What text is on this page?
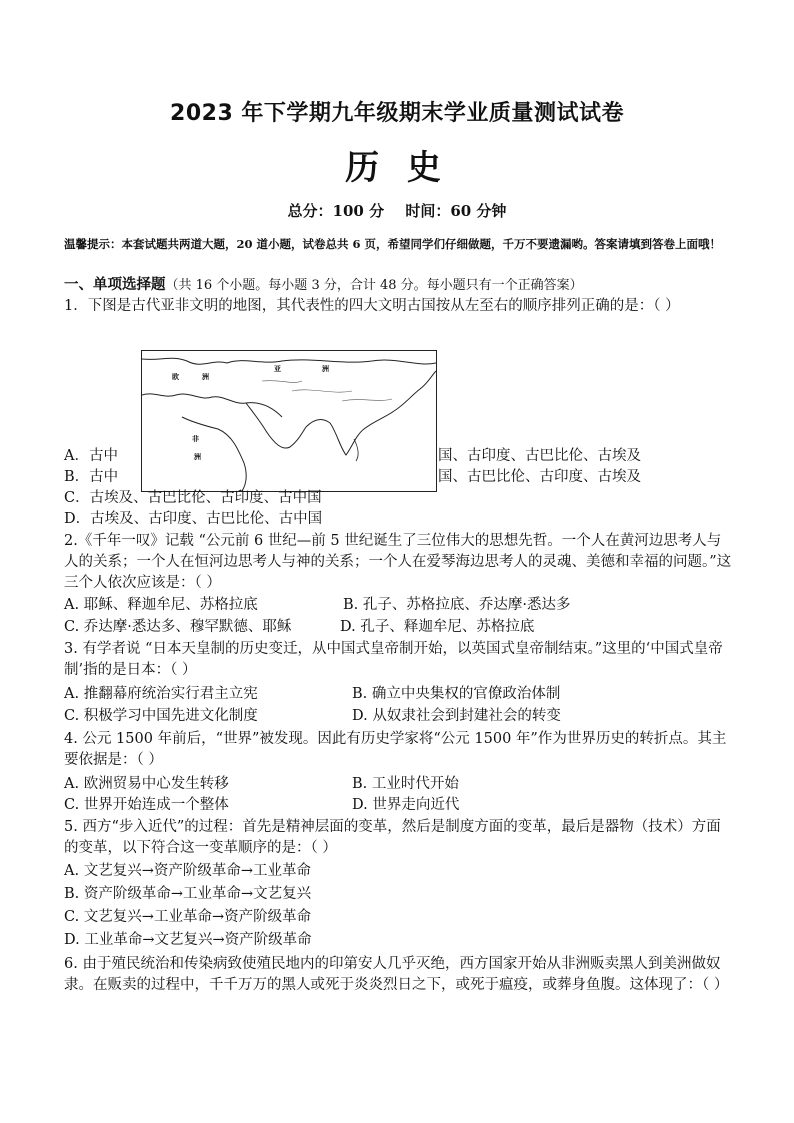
2023 年下学期九年级期末学业质量测试试卷
历 史
总分：100 分 时间：60 分钟
温馨提示：本套试题共两道大题，20 道小题，试卷总共 6 页，希望同学们仔细做题，千万不要遗漏哟。答案请填到答卷上面哦！
一、单项选择题（共 16 个小题。每小题 3 分，合计 48 分。每小题只有一个正确答案）
1．下图是古代亚非文明的地图，其代表性的四大文明古国按从左至右的顺序排列正确的是：（ ）
欧	洲
亚	洲
非
洲
A．古中	国、古印度、古巴比伦、古埃及
B．古中	国、古巴比伦、古印度、古埃及
C．古埃及、古巴比伦、古印度、古中国
D．古埃及、古印度、古巴比伦、古中国
2.《千年一叹》记载 “公元前 6 世纪—前 5 世纪诞生了三位伟大的思想先哲。一个人在黄河边思考人与人的关系；一个人在恒河边思考人与神的关系；一个人在爱琴海边思考人的灵魂、美德和幸福的问题。”这三个人依次应该是：（ ）
A. 耶稣、释迦牟尼、苏格拉底	B. 孔子、苏格拉底、乔达摩·悉达多
C. 乔达摩·悉达多、穆罕默德、耶稣	D. 孔子、释迦牟尼、苏格拉底
3. 有学者说 “日本天皇制的历史变迁，从中国式皇帝制开始，以英国式皇帝制结束。”这里的‘中国式皇帝制’指的是日本：（ ）
A. 推翻幕府统治实行君主立宪	B. 确立中央集权的官僚政治体制
C. 积极学习中国先进文化制度	D. 从奴隶社会到封建社会的转变
4. 公元 1500 年前后，“世界”被发现。因此有历史学家将“公元 1500 年”作为世界历史的转折点。其主要依据是：（ ）
A. 欧洲贸易中心发生转移	B. 工业时代开始
C. 世界开始连成一个整体	D. 世界走向近代
5. 西方“步入近代”的过程：首先是精神层面的变革，然后是制度方面的变革，最后是器物（技术）方面的变革，以下符合这一变革顺序的是：（ ）
A. 文艺复兴→资产阶级革命→工业革命
B. 资产阶级革命→工业革命→文艺复兴
C. 文艺复兴→工业革命→资产阶级革命
D. 工业革命→文艺复兴→资产阶级革命
6. 由于殖民统治和传染病致使殖民地内的印第安人几乎灭绝，西方国家开始从非洲贩卖黑人到美洲做奴隶。在贩卖的过程中，千千万万的黑人或死于炎炎烈日之下，或死于瘟疫，或葬身鱼腹。这体现了：（ ）
